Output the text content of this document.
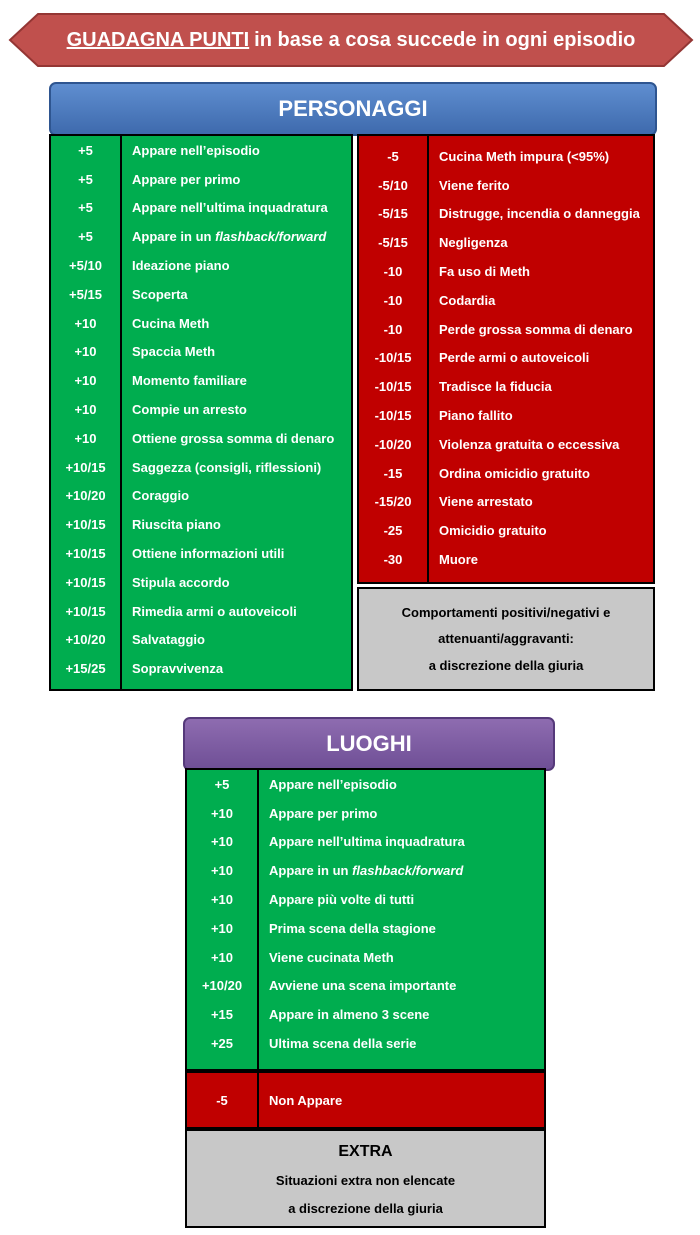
GUADAGNA PUNTI in base a cosa succede in ogni episodio
PERSONAGGI
+5	Appare nell’episodio
+5	Appare per primo
+5	Appare nell’ultima inquadratura
+5	Appare in un flashback/forward
+5/10	Ideazione piano
+5/15	Scoperta
+10	Cucina Meth
+10	Spaccia Meth
+10	Momento familiare
+10	Compie un arresto
+10	Ottiene grossa somma di denaro
+10/15	Saggezza (consigli, riflessioni)
+10/20	Coraggio
+10/15	Riuscita piano
+10/15	Ottiene informazioni utili
+10/15	Stipula accordo
+10/15	Rimedia armi o autoveicoli
+10/20	Salvataggio
+15/25	Sopravvivenza
-5	Cucina Meth impura (<95%)
-5/10	Viene ferito
-5/15	Distrugge, incendia o danneggia
-5/15	Negligenza
-10	Fa uso di Meth
-10	Codardia
-10	Perde grossa somma di denaro
-10/15	Perde armi o autoveicoli
-10/15	Tradisce la fiducia
-10/15	Piano fallito
-10/20	Violenza gratuita o eccessiva
-15	Ordina omicidio gratuito
-15/20	Viene arrestato
-25	Omicidio gratuito
-30	Muore
Comportamenti positivi/negativi e
attenuanti/aggravanti:
a discrezione della giuria
LUOGHI
+5	Appare nell’episodio
+10	Appare per primo
+10	Appare nell’ultima inquadratura
+10	Appare in un flashback/forward
+10	Appare più volte di tutti
+10	Prima scena della stagione
+10	Viene cucinata Meth
+10/20	Avviene una scena importante
+15	Appare in almeno 3 scene
+25	Ultima scena della serie
-5	Non Appare
EXTRA
Situazioni extra non elencate
a discrezione della giuria
